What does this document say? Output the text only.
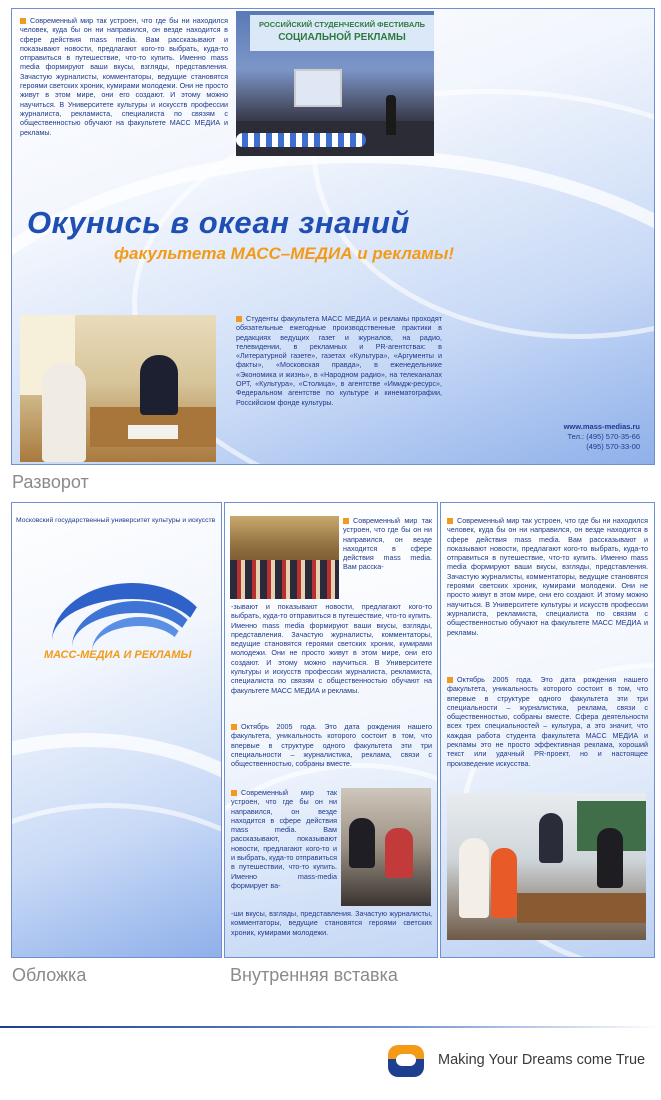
Современный мир так устроен, что где бы ни находился человек, куда бы он ни направился, он везде находится в сфере действия mass media. Вам рассказывают и показывают новости, предлагают кого-то выбрать, куда-то отправиться в путешествие, что-то купить. Именно mass media формируют ваши вкусы, взгляды, представления. Зачастую журналисты, комментаторы, ведущие становятся героями светских хроник, кумирами молодежи. Они не просто живут в этом мире, они его создают. И этому можно научиться. В Университете культуры и искусств профессии журналиста, рекламиста, специалиста по связям с общественностью обучают на факультете МАСС МЕДИА и рекламы.
РОССИЙСКИЙ СТУДЕНЧЕСКИЙ ФЕСТИВАЛЬ
СОЦИАЛЬНОЙ РЕКЛАМЫ
Окунись в океан знаний
факультета МАСС–МЕДИА и рекламы!
Студенты факультета МАСС МЕДИА и рекламы проходят обязательные ежегодные производственные практики в редакциях ведущих газет и журналов, на радио, телевидении, в рекламных и PR-агентствах: в «Литературной газете», газетах «Культура», «Аргументы и факты», «Московская правда», в еженедельнике «Экономика и жизнь», в «Народном радио», на телеканалах ОРТ, «Культура», «Столица», в агентстве «Имидж-ресурс», Федеральном агентстве по культуре и кинематографии, Российском фонде культуры.
www.mass-medias.ru
Тел.: (495) 570-35-66
(495) 570-33-00
Разворот
Московский государственный университет культуры и искусств
МАСС-МЕДИА И РЕКЛАМЫ
Обложка
Современный мир так устроен, что где бы он ни направился, он везде находится в сфере действия mass media. Вам расска-
-зывают и показывают новости, предлагают кого-то выбрать, куда-то отправиться в путешествие, что-то купить. Именно mass media формируют ваши вкусы, взгляды, представления. Зачастую журналисты, комментаторы, ведущие становятся героями светских хроник, кумирами молодежи. Они не просто живут в этом мире, они его создают. И этому можно научиться. В Университете культуры и искусств профессии журналиста, рекламиста, специалиста по связям с общественностью обучают на факультете МАСС МЕДИА и рекламы.
Октябрь 2005 года. Это дата рождения нашего факультета, уникальность которого состоит в том, что впервые в структуре одного факультета эти три специальности – журналистика, реклама, связи с общественностью, собраны вместе.
Современный мир так устроен, что где бы он ни направился, он везде находится в сфере действия mass media. Вам рассказывают, показывают новости, предлагают кого-то и и выбрать, куда-то отправиться в путешествии, что-то купить. Именно mass-media формирует ва-
-ши вкусы, взгляды, представления. Зачастую журналисты, комментаторы, ведущие становятся героями светских хроник, кумирами молодежи.
Внутренняя вставка
Современный мир так устроен, что где бы ни находился человек, куда бы он ни направился, он везде находится в сфере действия mass media. Вам рассказывают и показывают новости, предлагают кого-то выбрать, куда-то отправиться в путешествие, что-то купить. Именно mass media формируют ваши вкусы, взгляды, представления. Зачастую журналисты, комментаторы, ведущие становятся героями светских хроник, кумирами молодежи. Они не просто живут в этом мире, они его создают. И этому можно научиться. В Университете культуры и искусств профессии журналиста, рекламиста, специалиста по связям с общественностью обучают на факультете МАСС МЕДИА и рекламы.
Октябрь 2005 года. Это дата рождения нашего факультета, уникальность которого состоит в том, что впервые в структуре одного факультета эти три специальности – журналистика, реклама, связи с общественностью, собраны вместе. Сфера деятельности всех трех специальностей – культура, а это значит, что каждая работа студента факультета МАСС МЕДИА и рекламы это не просто эффективная реклама, хороший текст или удачный PR-проект, но и настоящее произведение искусства.
Making Your Dreams come True
